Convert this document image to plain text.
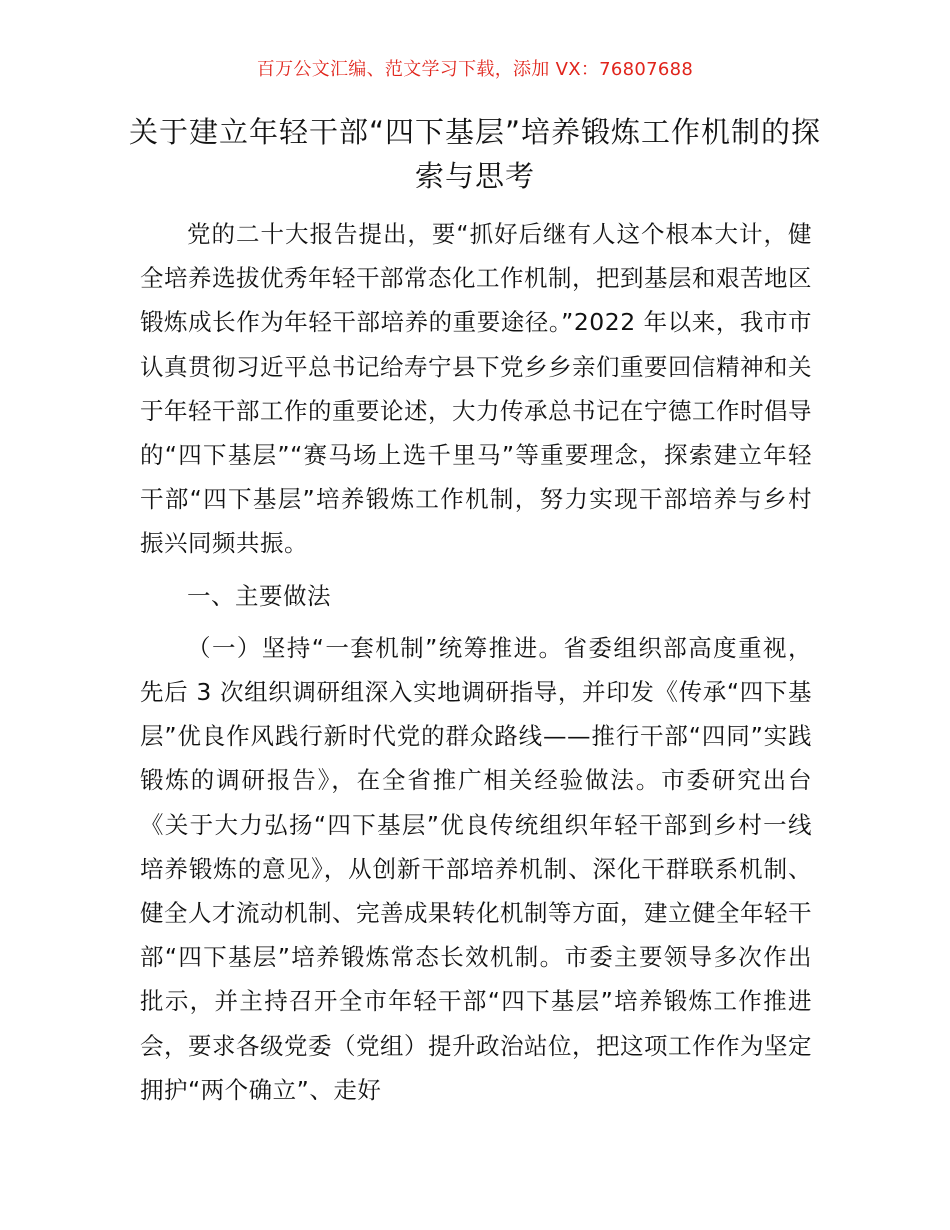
百万公文汇编、范文学习下载，添加 VX：76807688
关于建立年轻干部“四下基层”培养锻炼工作机制的探索与思考

党的二十大报告提出，要“抓好后继有人这个根本大计，健全培养选拔优秀年轻干部常态化工作机制，把到基层和艰苦地区锻炼成长作为年轻干部培养的重要途径。”2022 年以来，我市市认真贯彻习近平总书记给寿宁县下党乡乡亲们重要回信精神和关于年轻干部工作的重要论述，大力传承总书记在宁德工作时倡导的“四下基层”“赛马场上选千里马”等重要理念，探索建立年轻干部“四下基层”培养锻炼工作机制，努力实现干部培养与乡村振兴同频共振。

一、主要做法

（一）坚持“一套机制”统筹推进。省委组织部高度重视，先后 3 次组织调研组深入实地调研指导，并印发《传承“四下基层”优良作风践行新时代党的群众路线——推行干部“四同”实践锻炼的调研报告》，在全省推广相关经验做法。市委研究出台《关于大力弘扬“四下基层”优良传统组织年轻干部到乡村一线培养锻炼的意见》，从创新干部培养机制、深化干群联系机制、健全人才流动机制、完善成果转化机制等方面，建立健全年轻干部“四下基层”培养锻炼常态长效机制。市委主要领导多次作出批示，并主持召开全市年轻干部“四下基层”培养锻炼工作推进会，要求各级党委（党组）提升政治站位，把这项工作作为坚定拥护“两个确立”、走好
